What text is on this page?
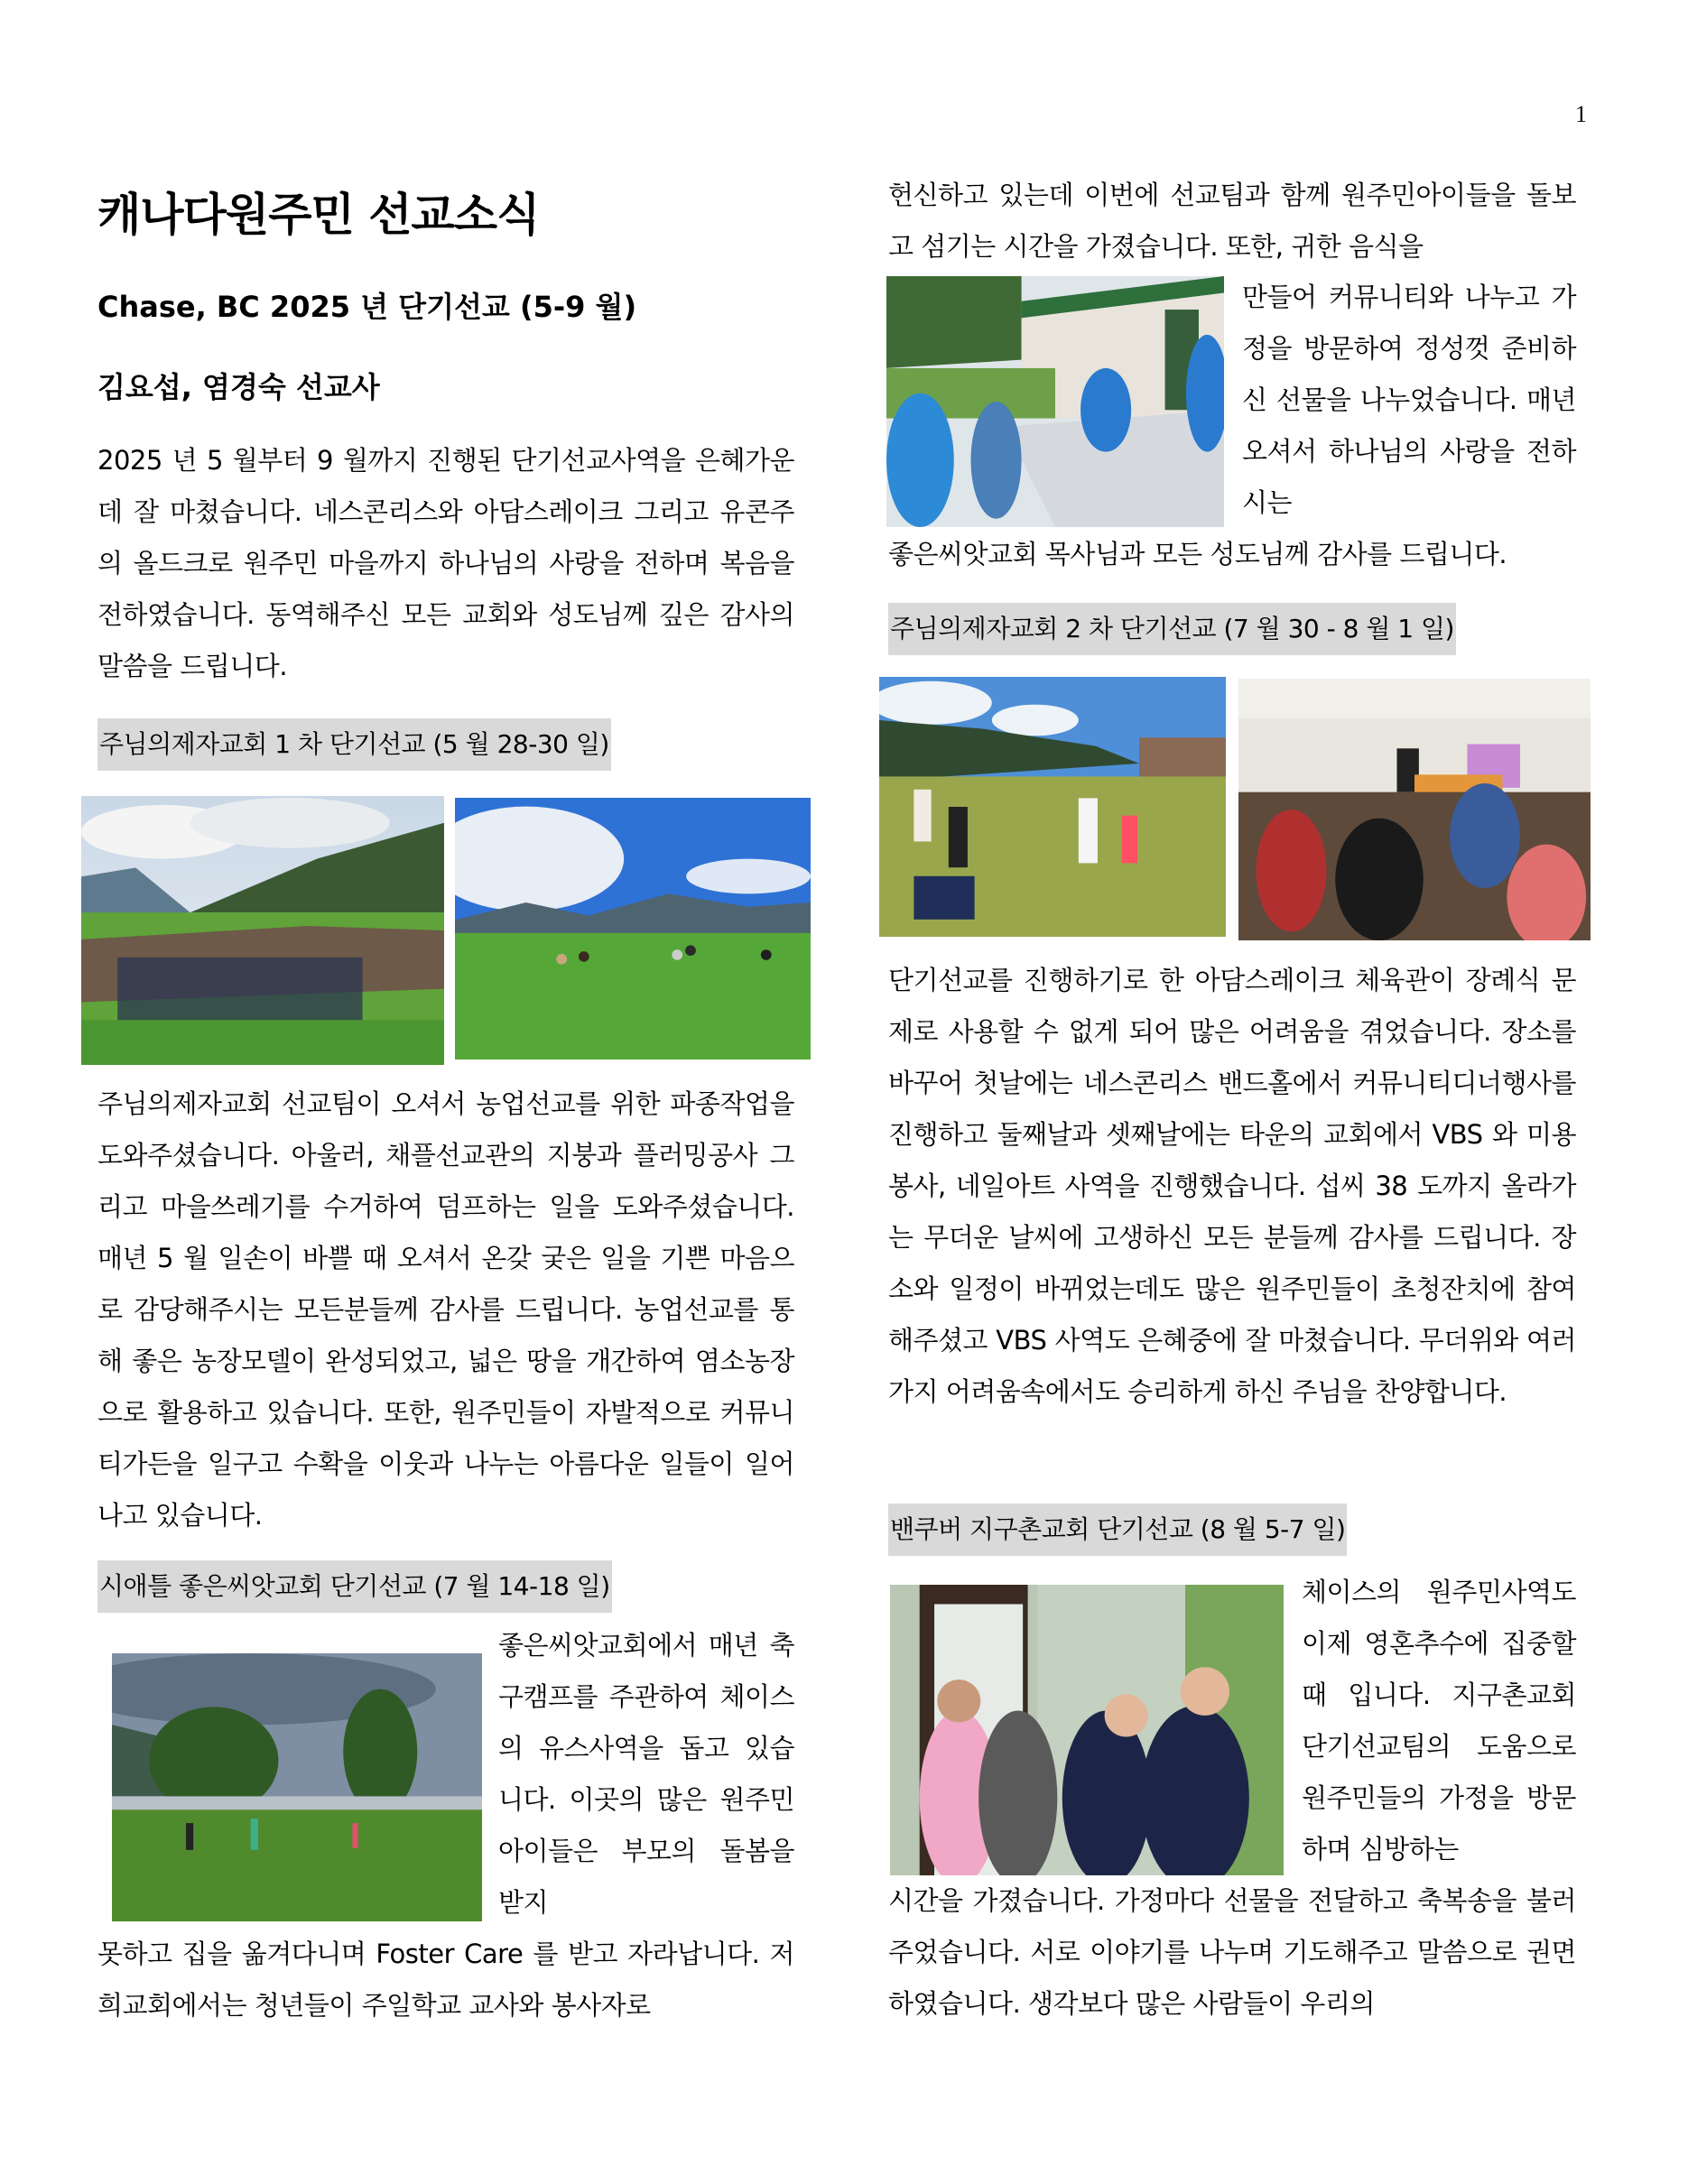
1
캐나다원주민 선교소식
Chase, BC 2025 년 단기선교 (5-9 월)
김요섭, 염경숙 선교사
2025 년 5 월부터 9 월까지 진행된 단기선교사역을 은혜가운데 잘 마쳤습니다. 네스콘리스와 아담스레이크 그리고 유콘주의 올드크로 원주민 마을까지 하나님의 사랑을 전하며 복음을 전하였습니다. 동역해주신 모든 교회와 성도님께 깊은 감사의 말씀을 드립니다.
주님의제자교회 1 차 단기선교 (5 월 28-30 일)
주님의제자교회 선교팀이 오셔서 농업선교를 위한 파종작업을 도와주셨습니다. 아울러, 채플선교관의 지붕과 플러밍공사 그리고 마을쓰레기를 수거하여 덤프하는 일을 도와주셨습니다. 매년 5 월 일손이 바쁠 때 오셔서 온갖 궂은 일을 기쁜 마음으로 감당해주시는 모든분들께 감사를 드립니다. 농업선교를 통해 좋은 농장모델이 완성되었고, 넓은 땅을 개간하여 염소농장으로 활용하고 있습니다. 또한, 원주민들이 자발적으로 커뮤니티가든을 일구고 수확을 이웃과 나누는 아름다운 일들이 일어나고 있습니다.
시애틀 좋은씨앗교회 단기선교 (7 월 14-18 일)
좋은씨앗교회에서 매년 축구캠프를 주관하여 체이스의 유스사역을 돕고 있습니다. 이곳의 많은 원주민아이들은 부모의 돌봄을 받지
못하고 집을 옮겨다니며 Foster Care 를 받고 자라납니다. 저희교회에서는 청년들이 주일학교 교사와 봉사자로
헌신하고 있는데 이번에 선교팀과 함께 원주민아이들을 돌보고 섬기는 시간을 가졌습니다. 또한, 귀한 음식을
만들어 커뮤니티와 나누고 가정을 방문하여 정성껏 준비하신 선물을 나누었습니다. 매년 오셔서 하나님의 사랑을 전하시는
좋은씨앗교회 목사님과 모든 성도님께 감사를 드립니다.
주님의제자교회 2 차 단기선교 (7 월 30 - 8 월 1 일)
단기선교를 진행하기로 한 아담스레이크 체육관이 장례식 문제로 사용할 수 없게 되어 많은 어려움을 겪었습니다. 장소를 바꾸어 첫날에는 네스콘리스 밴드홀에서 커뮤니티디너행사를 진행하고 둘째날과 셋째날에는 타운의 교회에서 VBS 와 미용봉사, 네일아트 사역을 진행했습니다. 섭씨 38 도까지 올라가는 무더운 날씨에 고생하신 모든 분들께 감사를 드립니다. 장소와 일정이 바뀌었는데도 많은 원주민들이 초청잔치에 참여해주셨고 VBS 사역도 은혜중에 잘 마쳤습니다. 무더위와 여러가지 어려움속에서도 승리하게 하신 주님을 찬양합니다.
밴쿠버 지구촌교회 단기선교 (8 월 5-7 일)
체이스의 원주민사역도 이제 영혼추수에 집중할 때 입니다. 지구촌교회 단기선교팀의 도움으로 원주민들의 가정을 방문하며 심방하는
시간을 가졌습니다. 가정마다 선물을 전달하고 축복송을 불러주었습니다. 서로 이야기를 나누며 기도해주고 말씀으로 권면하였습니다. 생각보다 많은 사람들이 우리의
